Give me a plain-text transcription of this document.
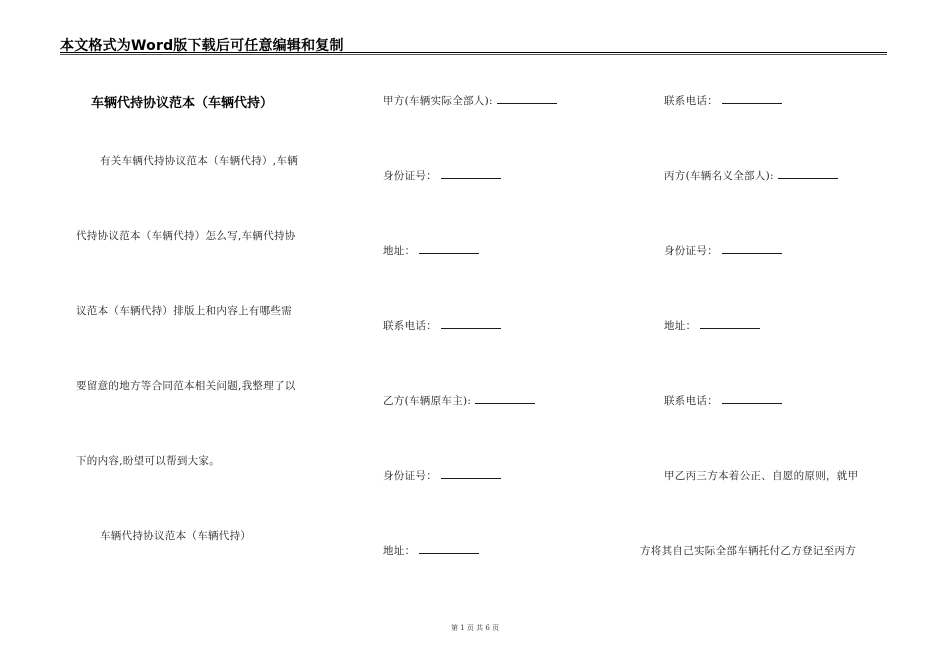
本文格式为Word版下载后可任意编辑和复制
车辆代持协议范本（车辆代持）
有关车辆代持协议范本（车辆代持）,车辆
代持协议范本（车辆代持）怎么写,车辆代持协
议范本（车辆代持）排版上和内容上有哪些需
要留意的地方等合同范本相关问题,我整理了以
下的内容,盼望可以帮到大家。
车辆代持协议范本（车辆代持）
甲方(车辆实际全部人):
身份证号：
地址：
联系电话：
乙方(车辆原车主):
身份证号：
地址：
联系电话：
丙方(车辆名义全部人):
身份证号：
地址：
联系电话：
甲乙丙三方本着公正、自愿的原则，就甲
方将其自己实际全部车辆托付乙方登记至丙方
第 1 页 共 6 页
